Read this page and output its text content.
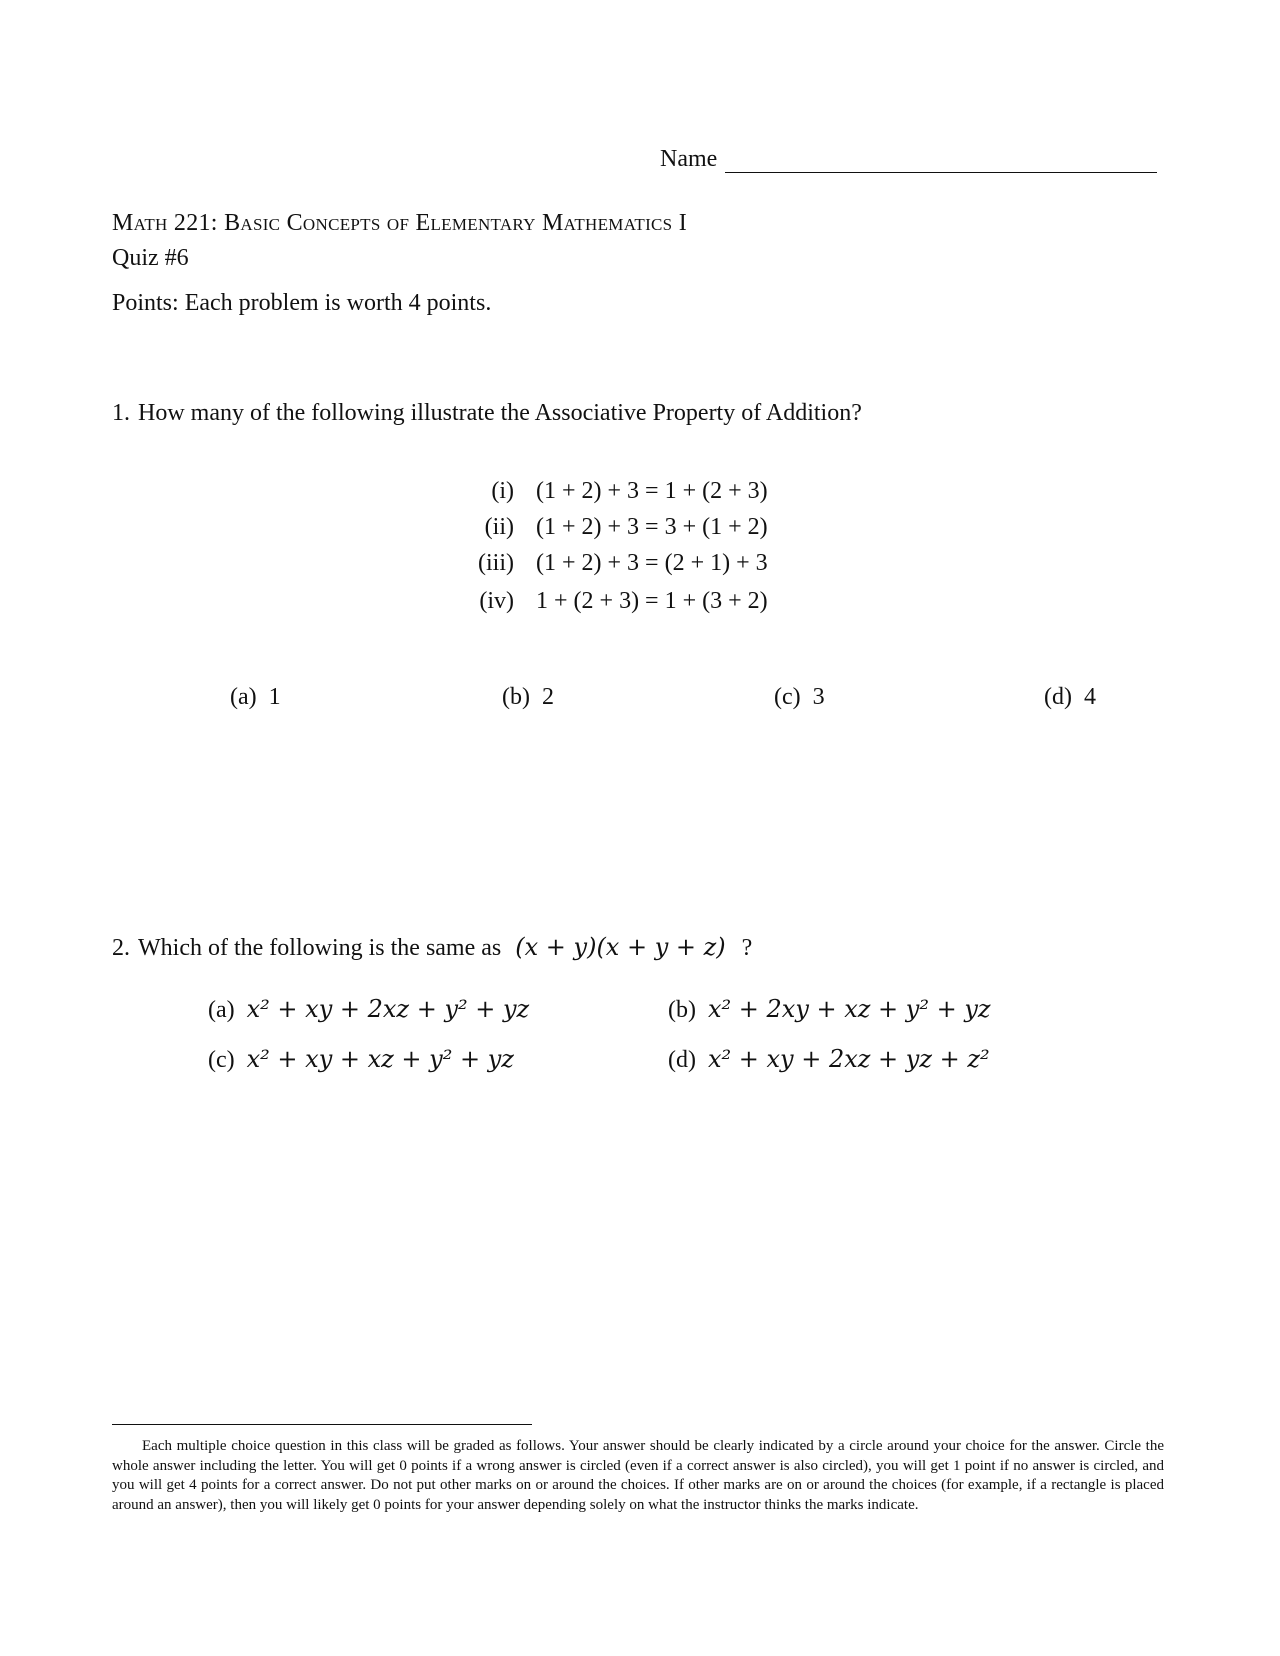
Name
Math 221: Basic Concepts of Elementary Mathematics I
Quiz #6
Points: Each problem is worth 4 points.
1. How many of the following illustrate the Associative Property of Addition?
(i) (1 + 2) + 3 = 1 + (2 + 3)
(ii) (1 + 2) + 3 = 3 + (1 + 2)
(iii) (1 + 2) + 3 = (2 + 1) + 3
(iv) 1 + (2 + 3) = 1 + (3 + 2)
(a) 1	(b) 2	(c) 3	(d) 4
2. Which of the following is the same as (x + y)(x + y + z) ?
(a) x² + xy + 2xz + y² + yz	(b) x² + 2xy + xz + y² + yz
(c) x² + xy + xz + y² + yz	(d) x² + xy + 2xz + yz + z²
Each multiple choice question in this class will be graded as follows. Your answer should be clearly indicated by a circle around your choice for the answer. Circle the whole answer including the letter. You will get 0 points if a wrong answer is circled (even if a correct answer is also circled), you will get 1 point if no answer is circled, and you will get 4 points for a correct answer. Do not put other marks on or around the choices. If other marks are on or around the choices (for example, if a rectangle is placed around an answer), then you will likely get 0 points for your answer depending solely on what the instructor thinks the marks indicate.
